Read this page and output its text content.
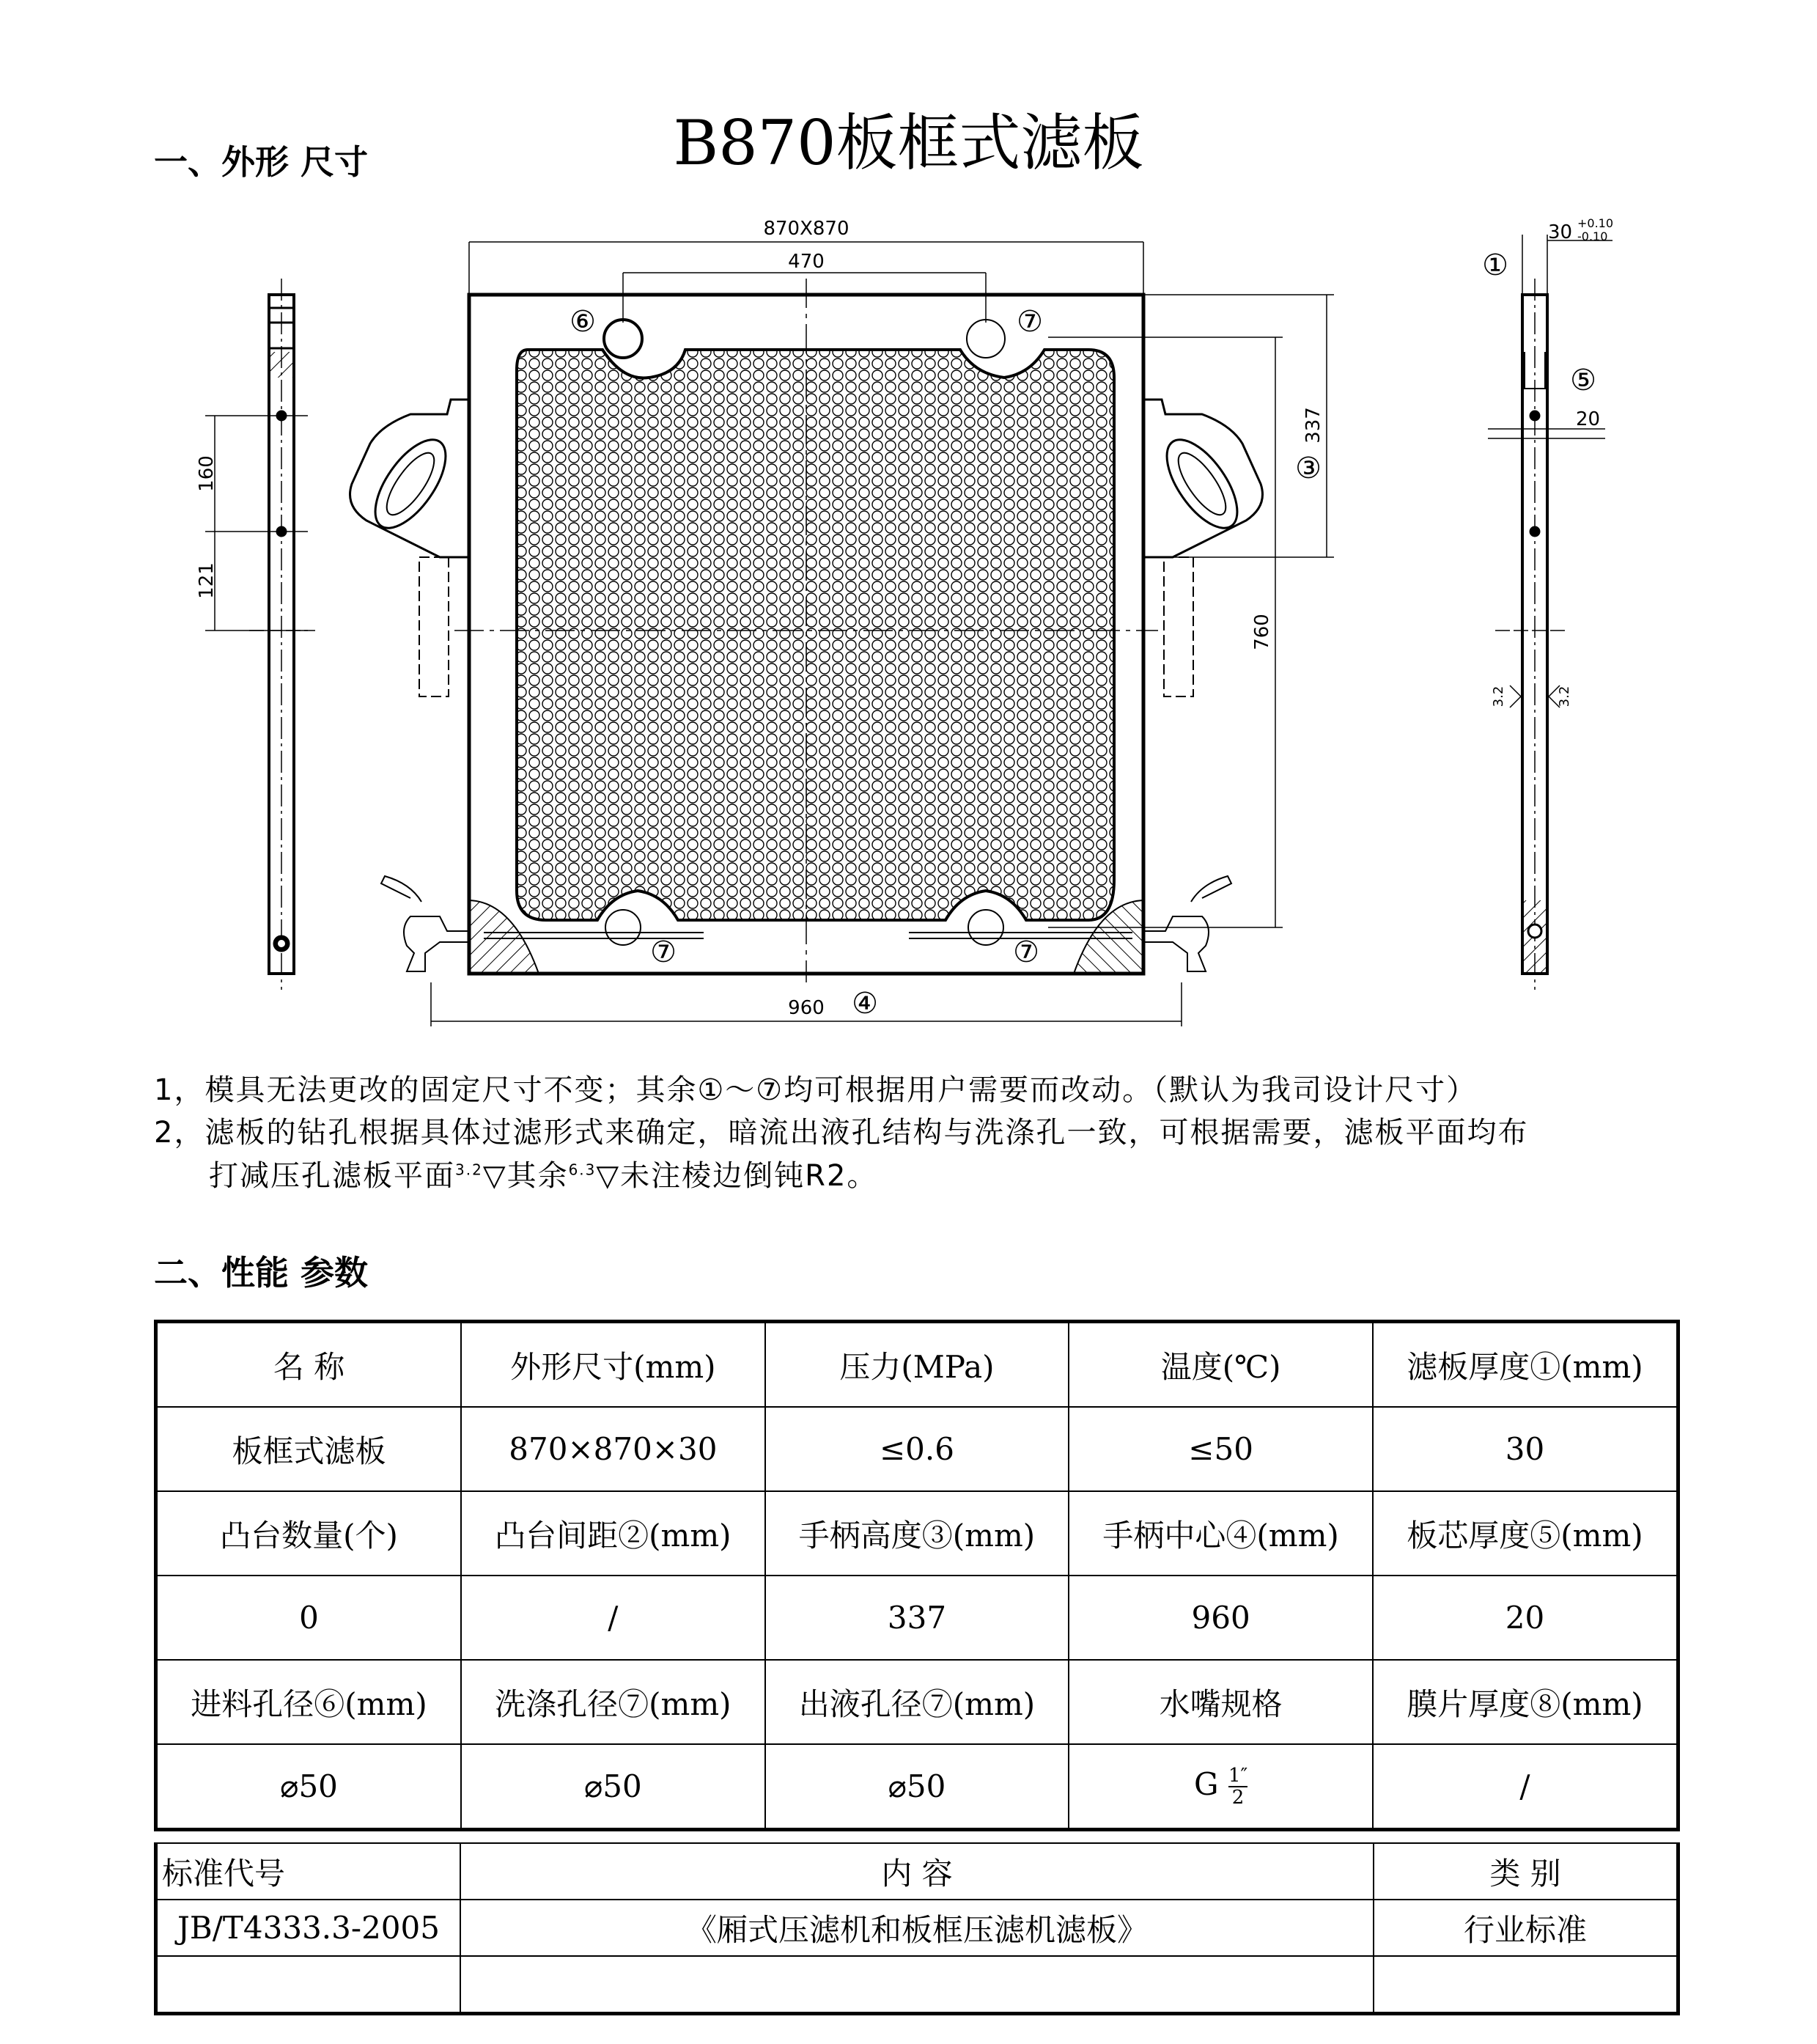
B870板框式滤板
一、外形 尺寸
160
121
870X870
470
960
337
760
⑥	⑦
③
⑦	⑦
④
30 +0.10
-0.10
20
①
⑤
3.2	3.2
1，模具无法更改的固定尺寸不变；其余①～⑦均可根据用户需要而改动。（默认为我司设计尺寸）
2，滤板的钻孔根据具体过滤形式来确定，暗流出液孔结构与洗涤孔一致，可根据需要，滤板平面均布
打减压孔滤板平面$^{3.2}$▽其余$^{6.3}$▽未注棱边倒钝R2。
二、性能 参数
名 称	外形尺寸(mm)	压力(MPa)	温度(℃)	滤板厚度①(mm)
板框式滤板	870×870×30	≤0.6	≤50	30
凸台数量(个)	凸台间距②(mm)	手柄高度③(mm)	手柄中心④(mm)	板芯厚度⑤(mm)
0	/	337	960	20
进料孔径⑥(mm)	洗涤孔径⑦(mm)	出液孔径⑦(mm)	水嘴规格	膜片厚度⑧(mm)
⌀50	⌀50	⌀50	G $\frac{1''}{2}$	/
标准代号	内 容	类 别
JB/T4333.3-2005	《厢式压滤机和板框压滤机滤板》	行业标准
